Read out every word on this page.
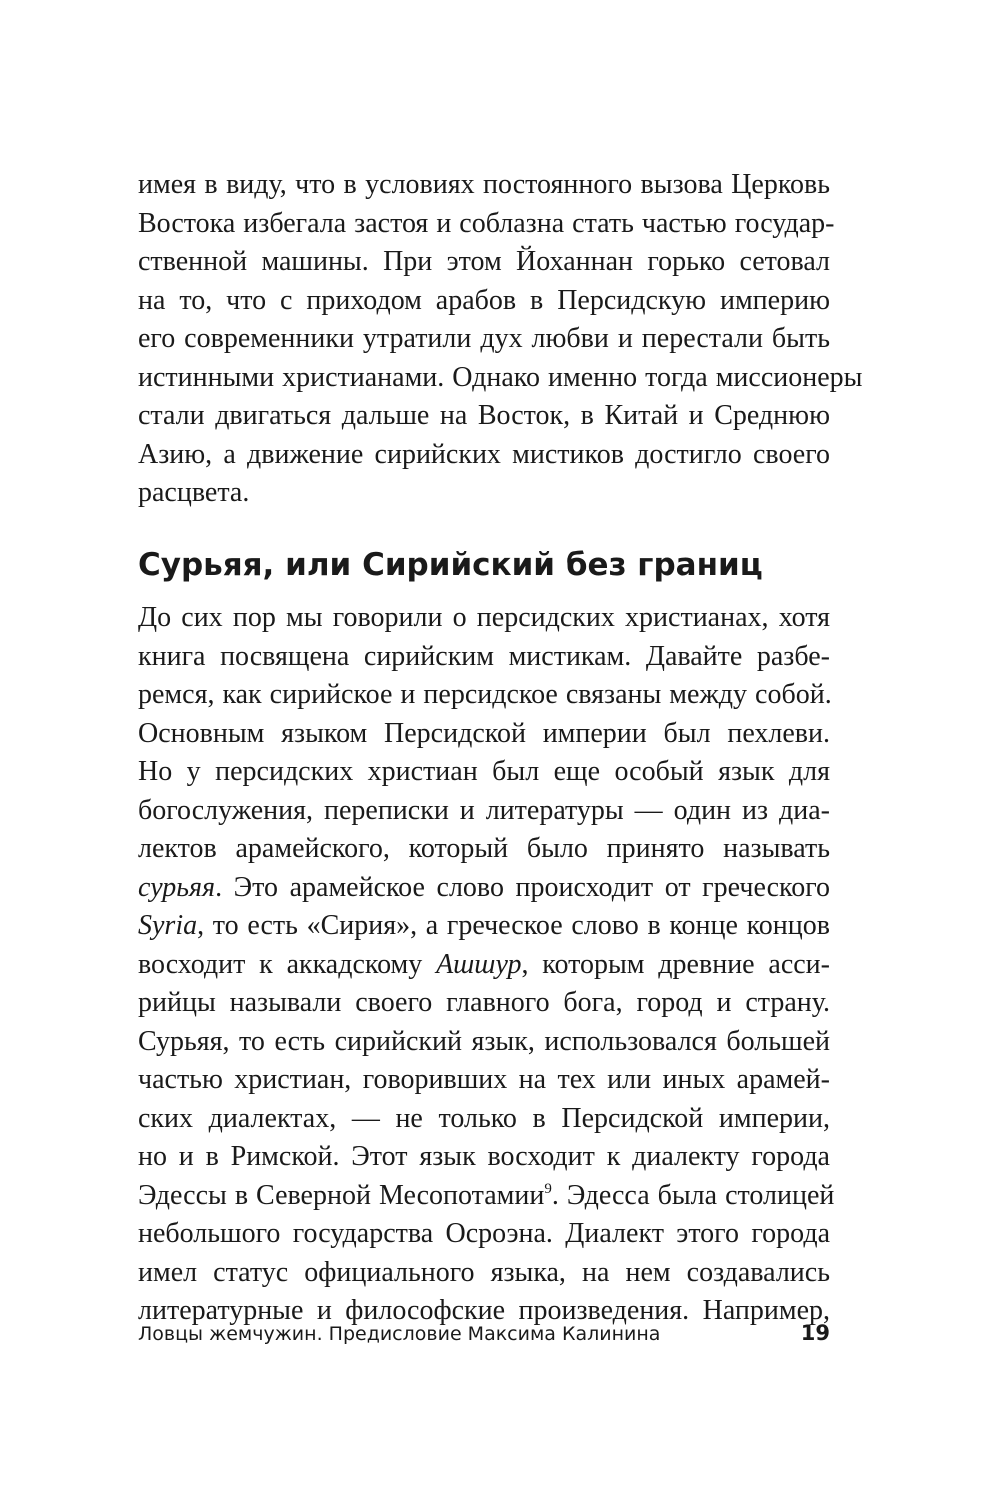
имея в виду, что в условиях постоянного вызова Церковь
Востока избегала застоя и соблазна стать частью государ-
ственной машины. При этом Йоханнан горько сетовал
на то, что с приходом арабов в Персидскую империю
его современники утратили дух любви и перестали быть
истинными христианами. Однако именно тогда миссионеры
стали двигаться дальше на Восток, в Китай и Среднюю
Азию, а движение сирийских мистиков достигло своего
расцвета.
Сурьяя, или Сирийский без границ
До сих пор мы говорили о персидских христианах, хотя
книга посвящена сирийским мистикам. Давайте разбе-
ремся, как сирийское и персидское связаны между собой.
Основным языком Персидской империи был пехлеви.
Но у персидских христиан был еще особый язык для
богослужения, переписки и литературы — один из диа-
лектов арамейского, который было принято называть
сурьяя. Это арамейское слово происходит от греческого
Syria, то есть «Сирия», а греческое слово в конце концов
восходит к аккадскому Ашшур, которым древние асси-
рийцы называли своего главного бога, город и страну.
Сурьяя, то есть сирийский язык, использовался большей
частью христиан, говоривших на тех или иных арамей-
ских диалектах, — не только в Персидской империи,
но и в Римской. Этот язык восходит к диалекту города
Эдессы в Северной Месопотамии$^9$. Эдесса была столицей
небольшого государства Осроэна. Диалект этого города
имел статус официального языка, на нем создавались
литературные и философские произведения. Например,
Ловцы жемчужин. Предисловие Максима Калинина	19
